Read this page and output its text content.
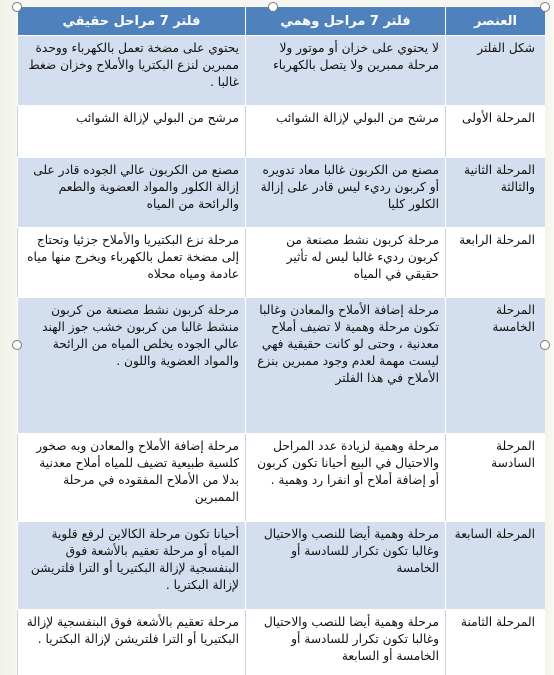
العنصر	فلتر 7 مراحل وهمي	فلتر 7 مراحل حقيقي
شكل الفلتر	لا يحتوي على خزان أو موتور ولا مرحلة ممبرين ولا يتصل بالكهرباء	يحتوي على مضخة تعمل بالكهرباء ووحدة ممبرين لنزع البكتريا والأملاح وخزان ضغط غالبا .
المرحلة الأولى	مرشح من البولي لإزالة الشوائب	مرشح من البولي لإزالة الشوائب
المرحلة الثانية والثالثة	مصنع من الكربون غالبا معاد تدويره أو كربون رديء ليس قادر على إزالة الكلور كليا	مصنع من الكربون عالي الجوده قادر على إزالة الكلور والمواد العضوية والطعم والرائحة من المياه
المرحلة الرابعة	مرحلة كربون نشط مصنعة من كربون رديء غالبا ليس له تأثير حقيقي في المياه	مرحلة نزع البكتيريا والأملاح جزئيا وتحتاج إلى مضخة تعمل بالكهرباء ويخرج منها مياه عادمة ومياه محلاه
المرحلة الخامسة	مرحلة إضافة الأملاح والمعادن وغالبا تكون مرحلة وهمية لا تضيف أملاح معدنية ، وحتى لو كانت حقيقية فهي ليست مهمة لعدم وجود ممبرين بنزع الأملاح في هذا الفلتر	مرحلة كربون نشط مصنعة من كربون منشط غالبا من كربون خشب جوز الهند عالي الجوده يخلص المياه من الرائحة والمواد العضوية واللون .
المرحلة السادسة	مرحلة وهمية لزيادة عدد المراحل والاحتيال في البيع أحيانا تكون كربون أو إضافة أملاح أو انفرا رد وهمية .	مرحلة إضافة الأملاح والمعادن وبه صخور كلسية طبيعية تضيف للمياه أملاح معدنية بدلا من الأملاح المفقوده في مرحلة الممبرين
المرحلة السابعة	مرحلة وهمية أيضا للنصب والاحتيال وغالبا تكون تكرار للسادسة أو الخامسة	أحيانا تكون مرحلة الكالاين لرفع قلوية المياه أو مرحلة تعقيم بالأشعة فوق البنفسجية لإزالة البكتيريا أو الترا فلتريشن لإزالة البكتريا .
المرحلة الثامنة	مرحلة وهمية أيضا للنصب والاحتيال وغالبا تكون تكرار للسادسة أو الخامسة أو السابعة	مرحلة تعقيم بالأشعة فوق البنفسجية لإزالة البكتيريا أو الترا فلتريشن لإزالة البكتريا .
